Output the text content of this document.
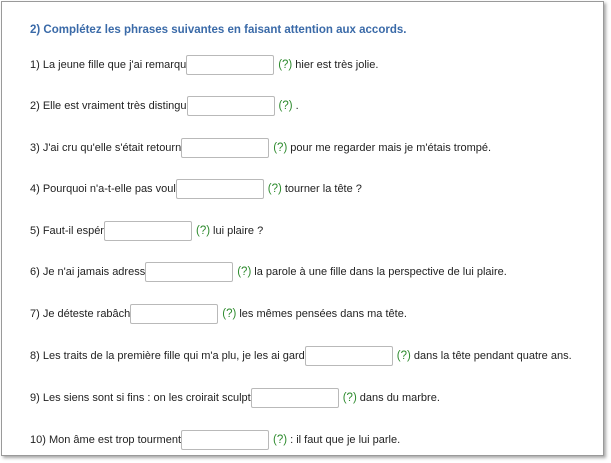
2) Complétez les phrases suivantes en faisant attention aux accords.
1) La jeune fille que j'ai remarqu	(?) hier est très jolie.
2) Elle est vraiment très distingu	(?) .
3) J'ai cru qu'elle s'était retourn	(?) pour me regarder mais je m'étais trompé.
4) Pourquoi n'a-t-elle pas voul	(?) tourner la tête ?
5) Faut-il espér	(?) lui plaire ?
6) Je n'ai jamais adress	(?) la parole à une fille dans la perspective de lui plaire.
7) Je déteste rabâch	(?) les mêmes pensées dans ma tête.
8) Les traits de la première fille qui m'a plu, je les ai gard	(?) dans la tête pendant quatre ans.
9) Les siens sont si fins : on les croirait sculpt	(?) dans du marbre.
10) Mon âme est trop tourment	(?) : il faut que je lui parle.
